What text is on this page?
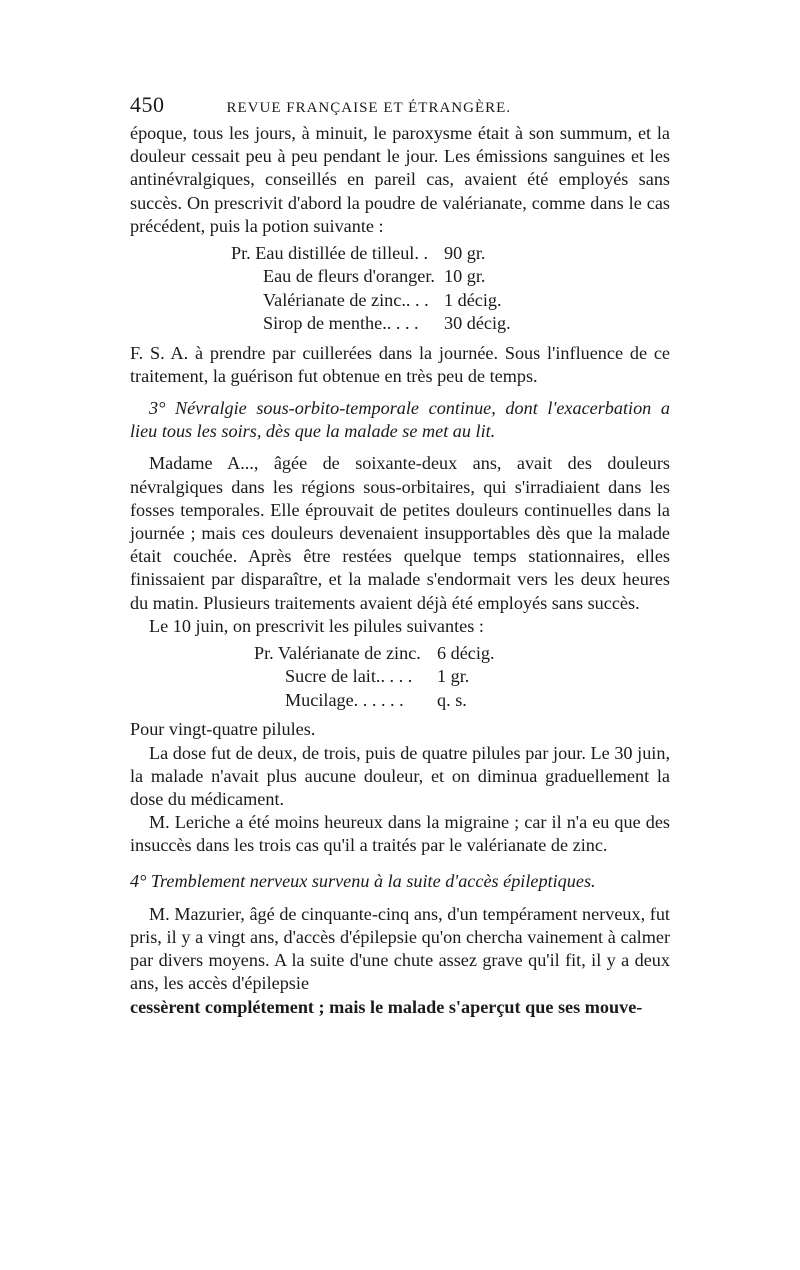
450	REVUE FRANÇAISE ET ÉTRANGÈRE.

époque, tous les jours, à minuit, le paroxysme était à son summum, et la douleur cessait peu à peu pendant le jour. Les émissions sanguines et les antinévralgiques, conseillés en pareil cas, avaient été employés sans succès. On prescrivit d'abord la poudre de valérianate, comme dans le cas précédent, puis la potion suivante :

Pr. Eau distillée de tilleul. . 90 gr.
Eau de fleurs d'oranger. 10 gr.
Valérianate de zinc.. . . 1 décig.
Sirop de menthe.. . . .	30 décig.

F. S. A. à prendre par cuillerées dans la journée. Sous l'influence de ce traitement, la guérison fut obtenue en très peu de temps.

3° Névralgie sous-orbito-temporale continue, dont l'exacerbation a lieu tous les soirs, dès que la malade se met au lit.

Madame A..., âgée de soixante-deux ans, avait des douleurs névralgiques dans les régions sous-orbitaires, qui s'irradiaient dans les fosses temporales. Elle éprouvait de petites douleurs continuelles dans la journée ; mais ces douleurs devenaient insupportables dès que la malade était couchée. Après être restées quelque temps stationnaires, elles finissaient par disparaître, et la malade s'endormait vers les deux heures du matin. Plusieurs traitements avaient déjà été employés sans succès.

Le 10 juin, on prescrivit les pilules suivantes :

Pr. Valérianate de zinc. 6 décig.
Sucre de lait.. . . .	1 gr.
Mucilage. . . . . .	q. s.

Pour vingt-quatre pilules.

La dose fut de deux, de trois, puis de quatre pilules par jour. Le 30 juin, la malade n'avait plus aucune douleur, et on diminua graduellement la dose du médicament.

M. Leriche a été moins heureux dans la migraine ; car il n'a eu que des insuccès dans les trois cas qu'il a traités par le valérianate de zinc.

4° Tremblement nerveux survenu à la suite d'accès épileptiques.

M. Mazurier, âgé de cinquante-cinq ans, d'un tempérament nerveux, fut pris, il y a vingt ans, d'accès d'épilepsie qu'on chercha vainement à calmer par divers moyens. A la suite d'une chute assez grave qu'il fit, il y a deux ans, les accès d'épilepsie

cessèrent complétement ; mais le malade s'aperçut que ses mouve-
